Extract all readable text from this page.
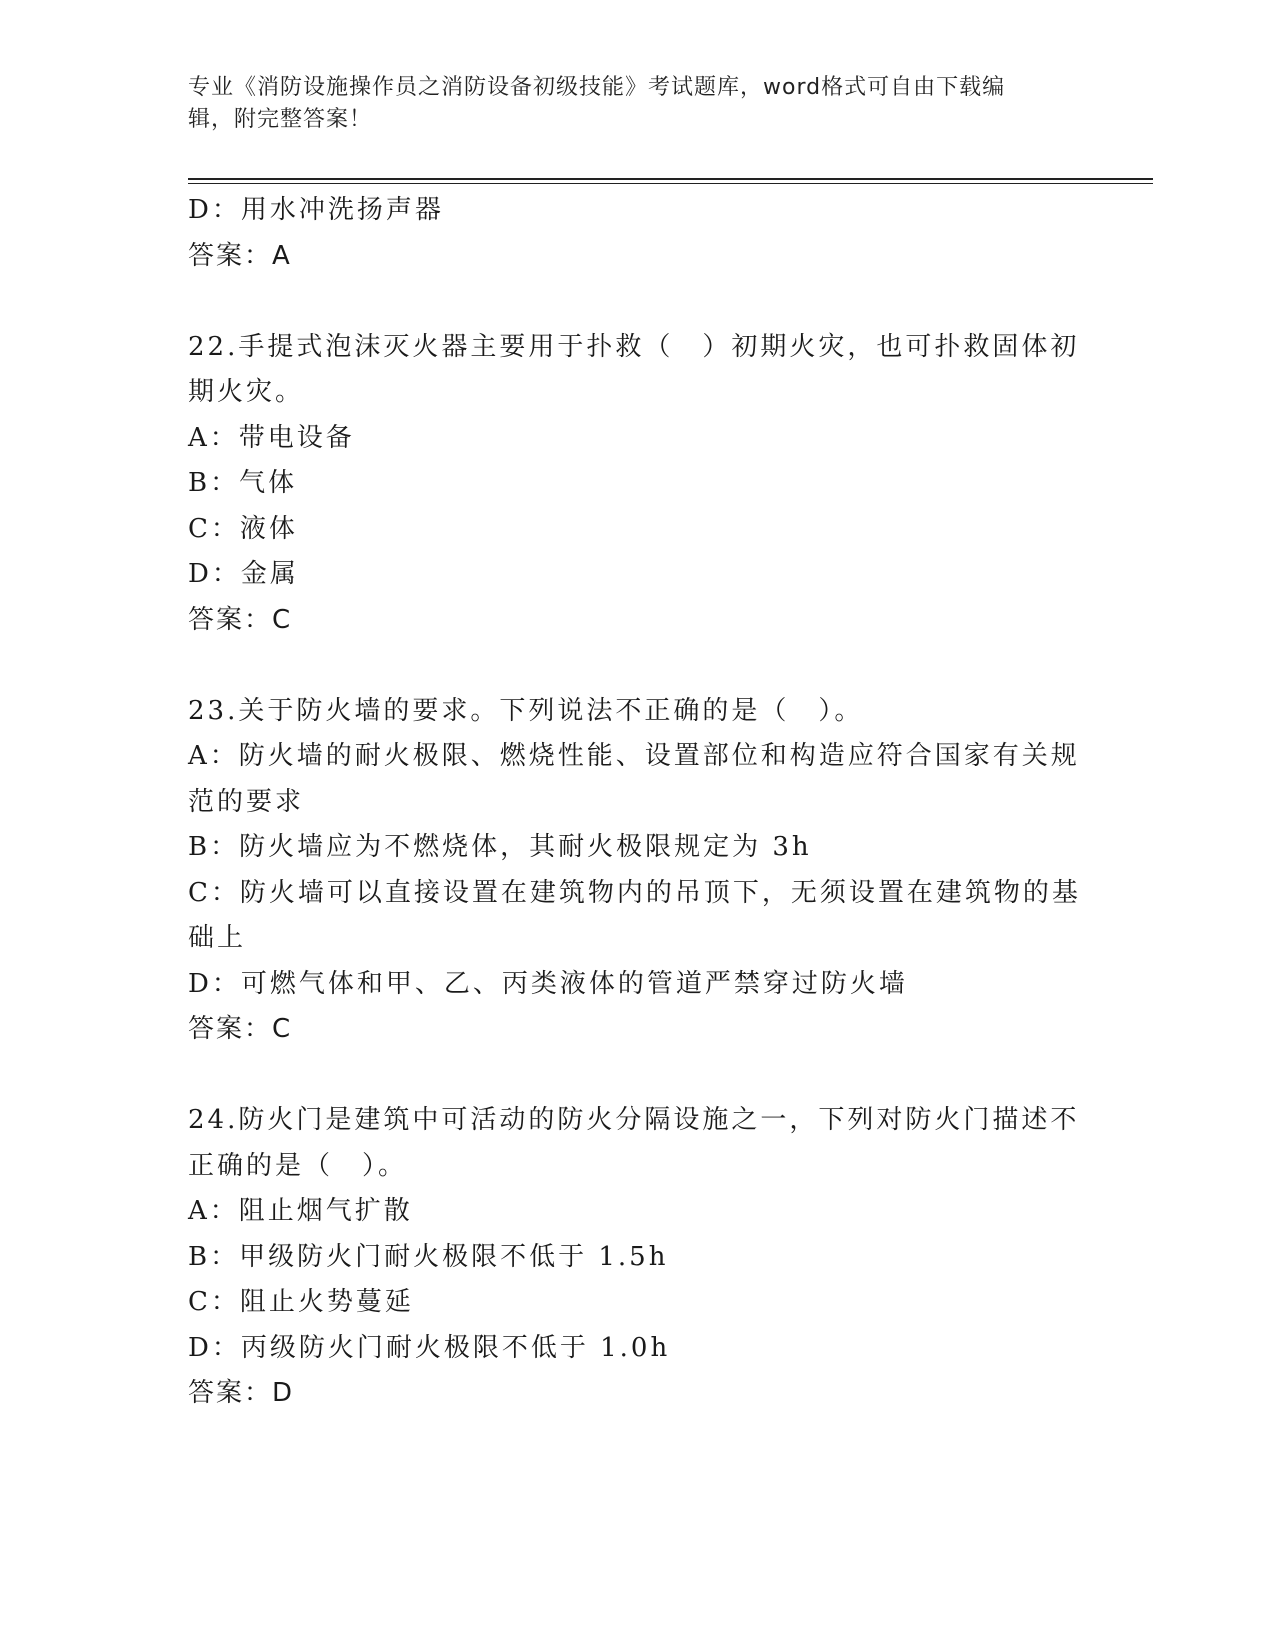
专业《消防设施操作员之消防设备初级技能》考试题库，word格式可自由下载编
辑，附完整答案！
D：用水冲洗扬声器
答案：A
22.手提式泡沫灭火器主要用于扑救（　）初期火灾，也可扑救固体初
期火灾。
A：带电设备
B：气体
C：液体
D：金属
答案：C
23.关于防火墙的要求。下列说法不正确的是（　）。
A：防火墙的耐火极限、燃烧性能、设置部位和构造应符合国家有关规
范的要求
B：防火墙应为不燃烧体，其耐火极限规定为 3h
C：防火墙可以直接设置在建筑物内的吊顶下，无须设置在建筑物的基
础上
D：可燃气体和甲、乙、丙类液体的管道严禁穿过防火墙
答案：C
24.防火门是建筑中可活动的防火分隔设施之一，下列对防火门描述不
正确的是（　）。
A：阻止烟气扩散
B：甲级防火门耐火极限不低于 1.5h
C：阻止火势蔓延
D：丙级防火门耐火极限不低于 1.0h
答案：D
